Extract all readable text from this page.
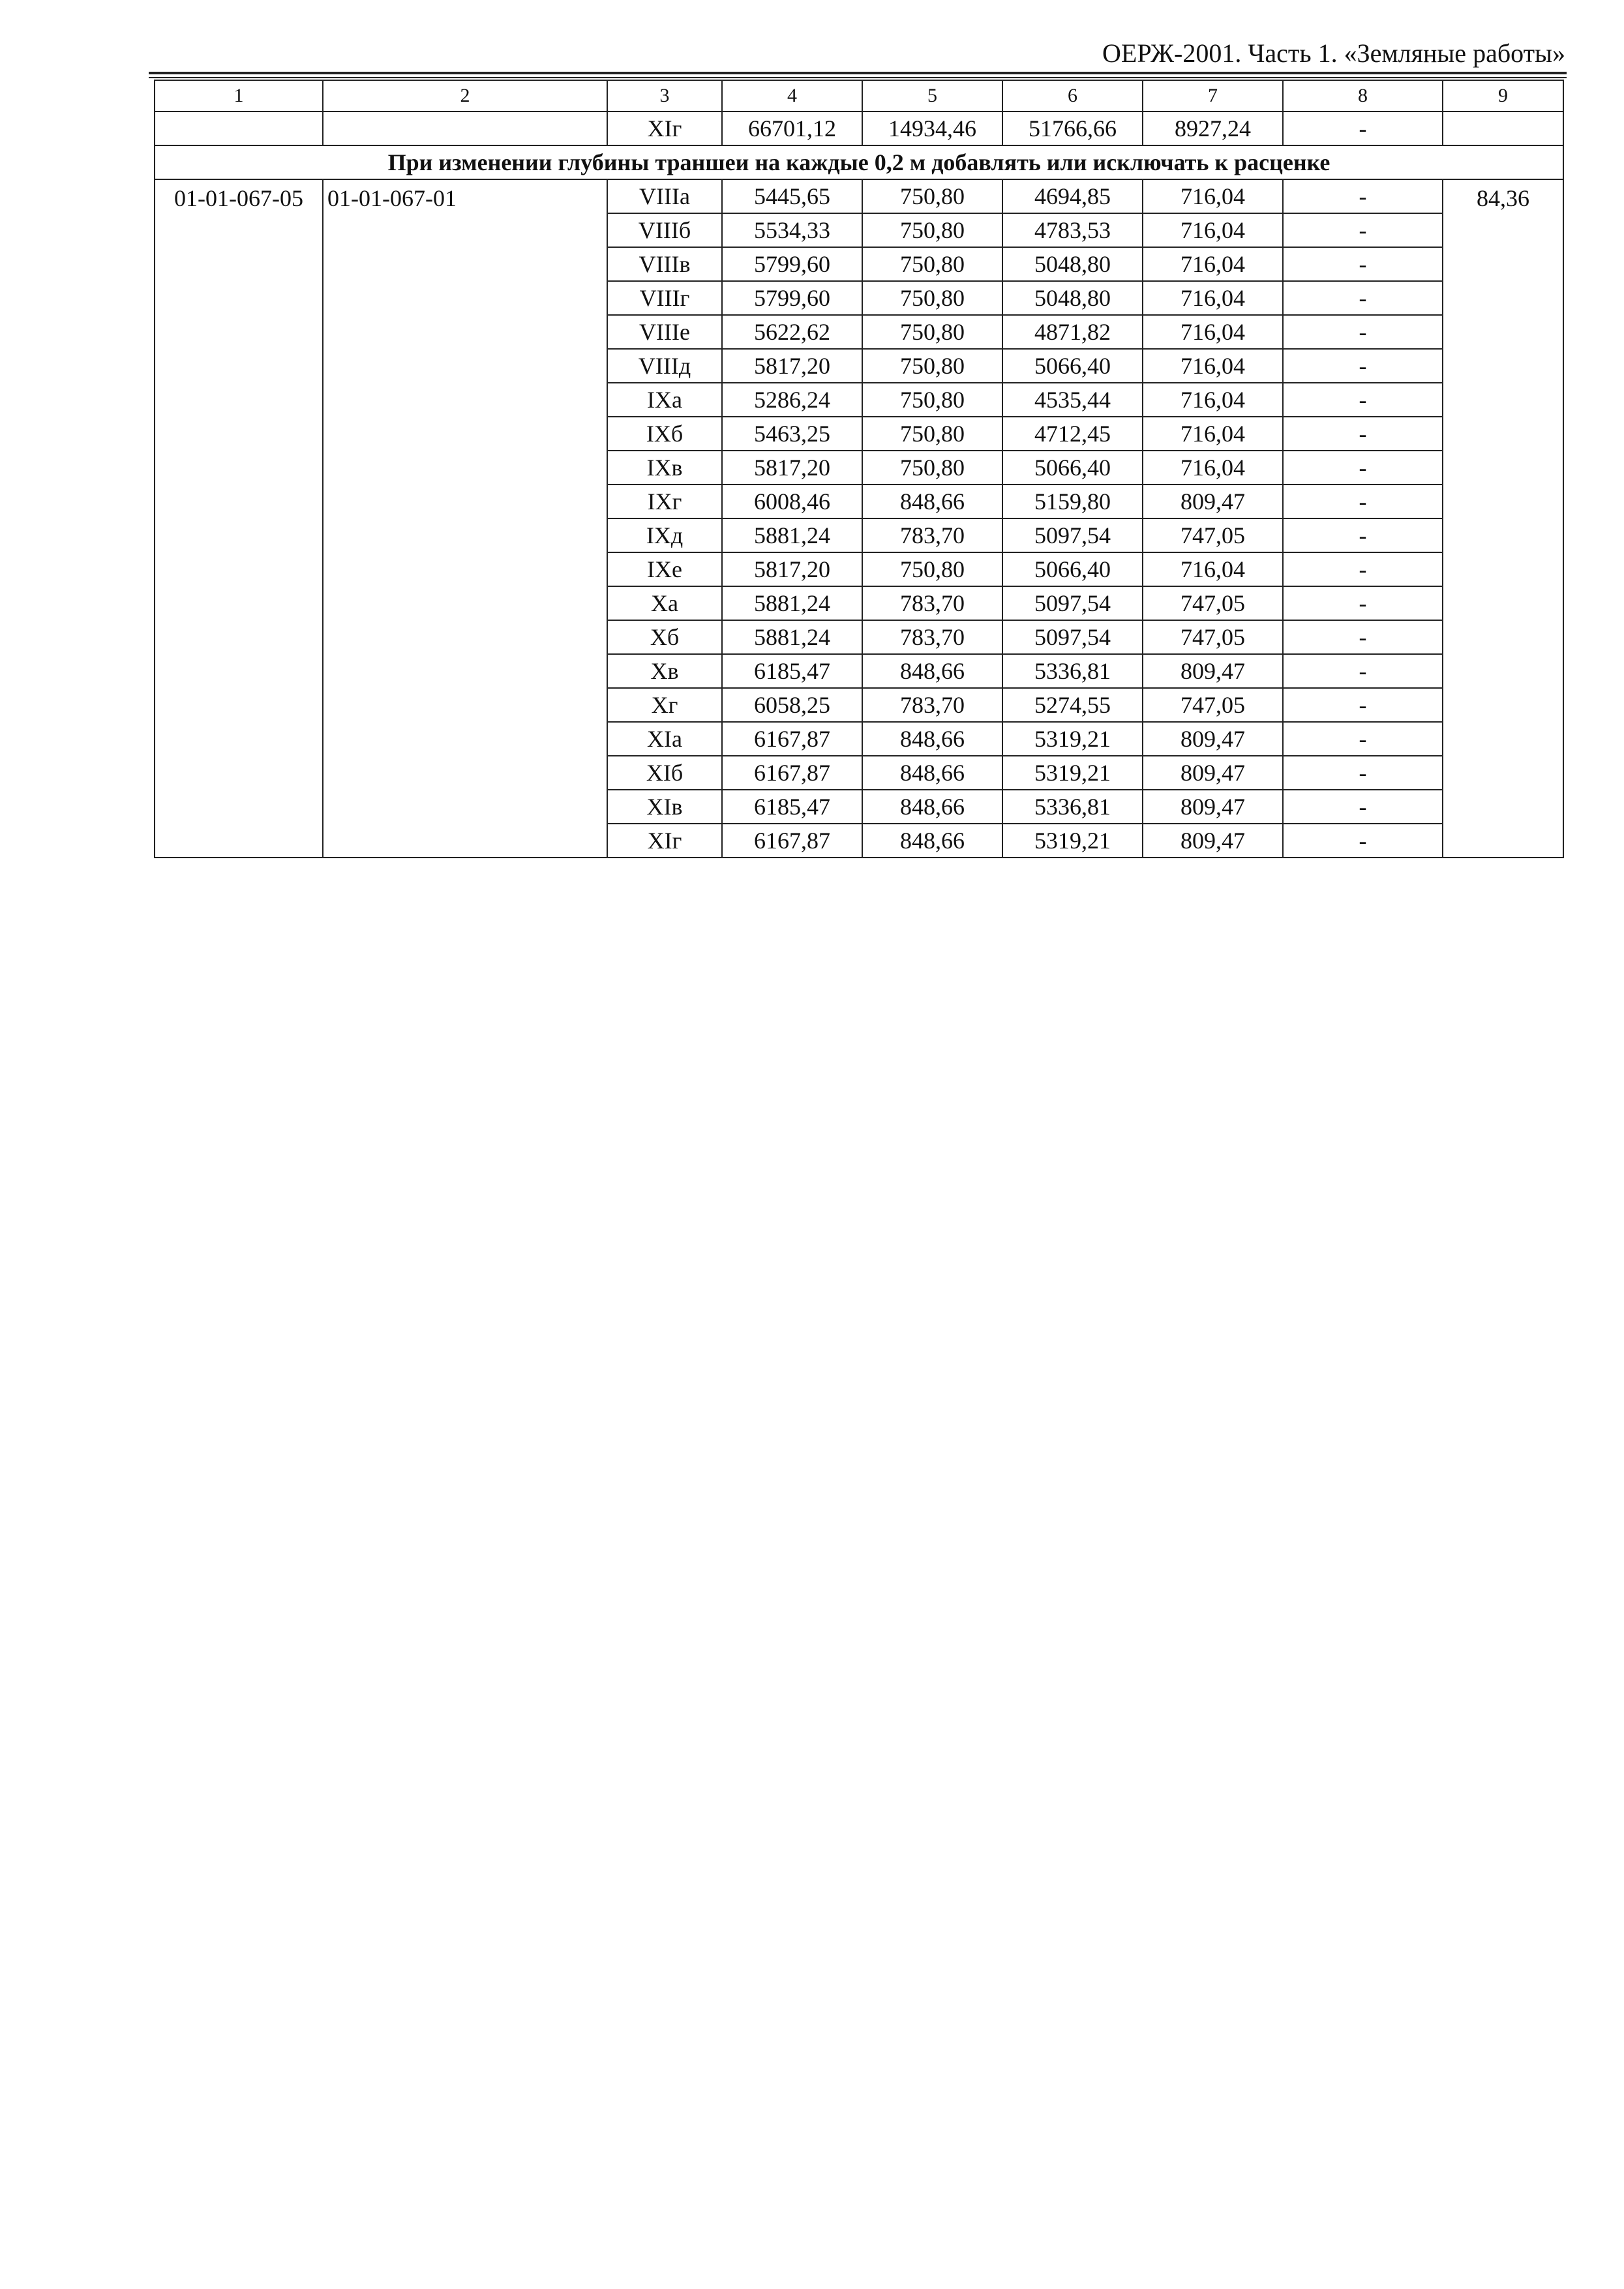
ОЕРЖ-2001. Часть 1. «Земляные работы»
1	2	3	4	5	6	7	8	9
		XIг	66701,12	14934,46	51766,66	8927,24	-	
При изменении глубины траншеи на каждые 0,2 м добавлять или исключать к расценке								
01-01-067-05	01-01-067-01	VIIIа	5445,65	750,80	4694,85	716,04	-	84,36
		VIIIб	5534,33	750,80	4783,53	716,04	-	
		VIIIв	5799,60	750,80	5048,80	716,04	-	
		VIIIг	5799,60	750,80	5048,80	716,04	-	
		VIIIе	5622,62	750,80	4871,82	716,04	-	
		VIIIд	5817,20	750,80	5066,40	716,04	-	
		IXа	5286,24	750,80	4535,44	716,04	-	
		IXб	5463,25	750,80	4712,45	716,04	-	
		IXв	5817,20	750,80	5066,40	716,04	-	
		IXг	6008,46	848,66	5159,80	809,47	-	
		IXд	5881,24	783,70	5097,54	747,05	-	
		IXе	5817,20	750,80	5066,40	716,04	-	
		Xа	5881,24	783,70	5097,54	747,05	-	
		Xб	5881,24	783,70	5097,54	747,05	-	
		Xв	6185,47	848,66	5336,81	809,47	-	
		Xг	6058,25	783,70	5274,55	747,05	-	
		XIа	6167,87	848,66	5319,21	809,47	-	
		XIб	6167,87	848,66	5319,21	809,47	-	
		XIв	6185,47	848,66	5336,81	809,47	-	
		XIг	6167,87	848,66	5319,21	809,47	-	
